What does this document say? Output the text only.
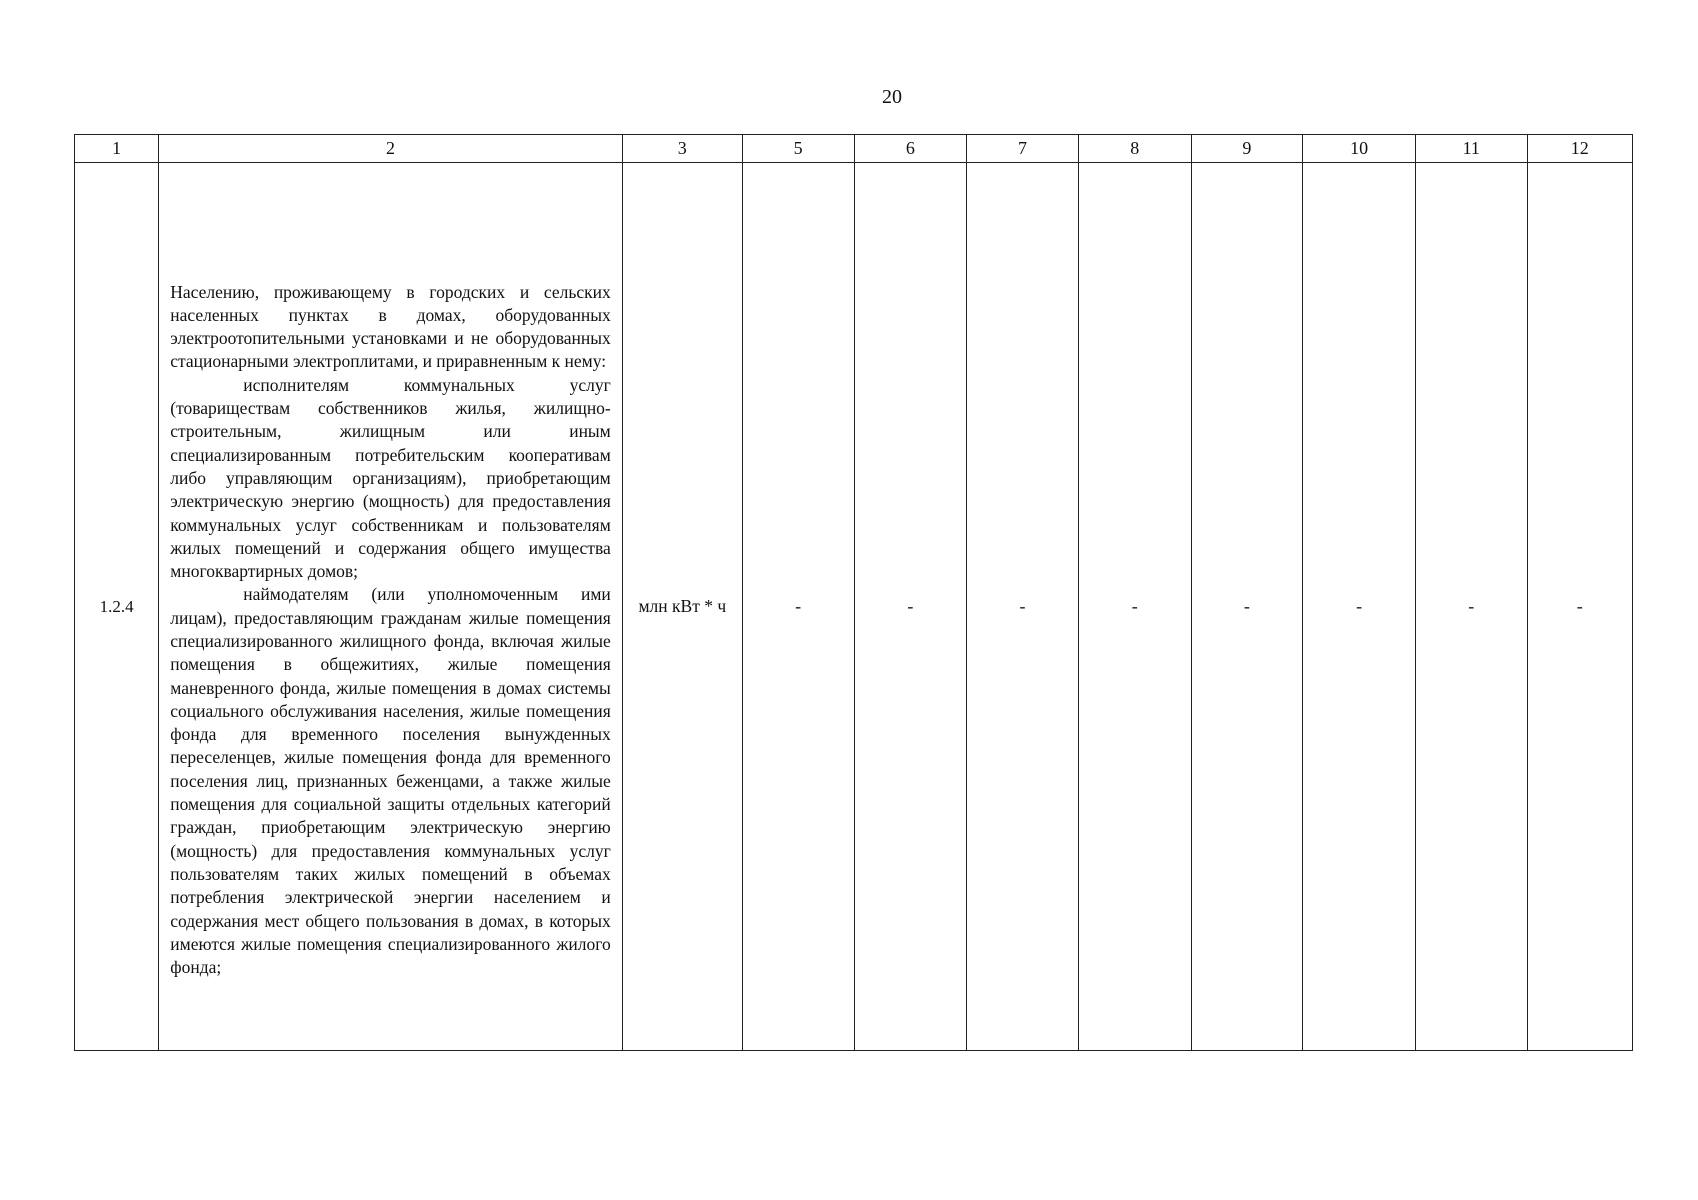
20
1	2	3	5	6	7	8	9	10	11	12
1.2.4	Населению, проживающему в городских и сельских населенных пунктах в домах, оборудованных электроотопительными установками и не оборудованных стационарными электроплитами, и приравненным к нему:

исполнителям коммунальных услуг (товариществам собственников жилья, жилищно-строительным, жилищным или иным специализированным потребительским кооперативам либо управляющим организациям), приобретающим электрическую энергию (мощность) для предоставления коммунальных услуг собственникам и пользователям жилых помещений и содержания общего имущества многоквартирных домов;

наймодателям (или уполномоченным ими лицам), предоставляющим гражданам жилые помещения специализированного жилищного фонда, включая жилые помещения в общежитиях, жилые помещения маневренного фонда, жилые помещения в домах системы социального обслуживания населения, жилые помещения фонда для временного поселения вынужденных переселенцев, жилые помещения фонда для временного поселения лиц, признанных беженцами, а также жилые помещения для социальной защиты отдельных категорий граждан, приобретающим электрическую энергию (мощность) для предоставления коммунальных услуг пользователям таких жилых помещений в объемах потребления электрической энергии населением и содержания мест общего пользования в домах, в которых имеются жилые помещения специализированного жилого фонда;	млн кВт * ч	-	-	-	-	-	-	-	-
